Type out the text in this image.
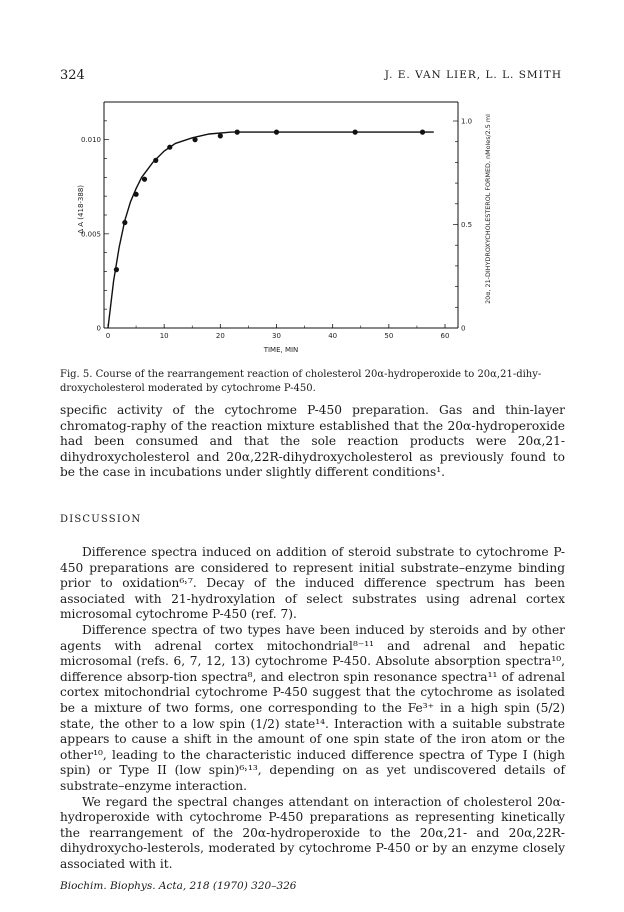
324	J. E. VAN LIER, L. L. SMITH
0	10	20	30	40	50	60
0
0.005
0.010
0
0.5
1.0
TIME, MIN
Δ A (418-388)	20α, 21-DIHYDROXYCHOLESTEROL FORMED, nMoles/2.5 ml
Fig. 5. Course of the rearrangement reaction of cholesterol 20α-hydroperoxide to 20α,21-dihy-droxycholesterol moderated by cytochrome P-450.

specific activity of the cytochrome P-450 preparation. Gas and thin-layer chromatog-raphy of the reaction mixture established that the 20α-hydroperoxide had been consumed and that the sole reaction products were 20α,21-dihydroxycholesterol and 20α,22R-dihydroxycholesterol as previously found to be the case in incubations under slightly different conditions¹.

DISCUSSION

Difference spectra induced on addition of steroid substrate to cytochrome P-450 preparations are considered to represent initial substrate–enzyme binding prior to oxidation⁶˒⁷. Decay of the induced difference spectrum has been associated with 21-hydroxylation of select substrates using adrenal cortex microsomal cytochrome P-450 (ref. 7).

Difference spectra of two types have been induced by steroids and by other agents with adrenal cortex mitochondrial⁸⁻¹¹ and adrenal and hepatic microsomal (refs. 6, 7, 12, 13) cytochrome P-450. Absolute absorption spectra¹⁰, difference absorp-tion spectra⁸, and electron spin resonance spectra¹¹ of adrenal cortex mitochondrial cytochrome P-450 suggest that the cytochrome as isolated be a mixture of two forms, one corresponding to the Fe³⁺ in a high spin (5/2) state, the other to a low spin (1/2) state¹⁴. Interaction with a suitable substrate appears to cause a shift in the amount of one spin state of the iron atom or the other¹⁰, leading to the characteristic induced difference spectra of Type I (high spin) or Type II (low spin)⁶˒¹³, depending on as yet undiscovered details of substrate–enzyme interaction.

We regard the spectral changes attendant on interaction of cholesterol 20α-hydroperoxide with cytochrome P-450 preparations as representing kinetically the rearrangement of the 20α-hydroperoxide to the 20α,21- and 20α,22R-dihydroxycho-lesterols, moderated by cytochrome P-450 or by an enzyme closely associated with it.

Biochim. Biophys. Acta, 218 (1970) 320–326
